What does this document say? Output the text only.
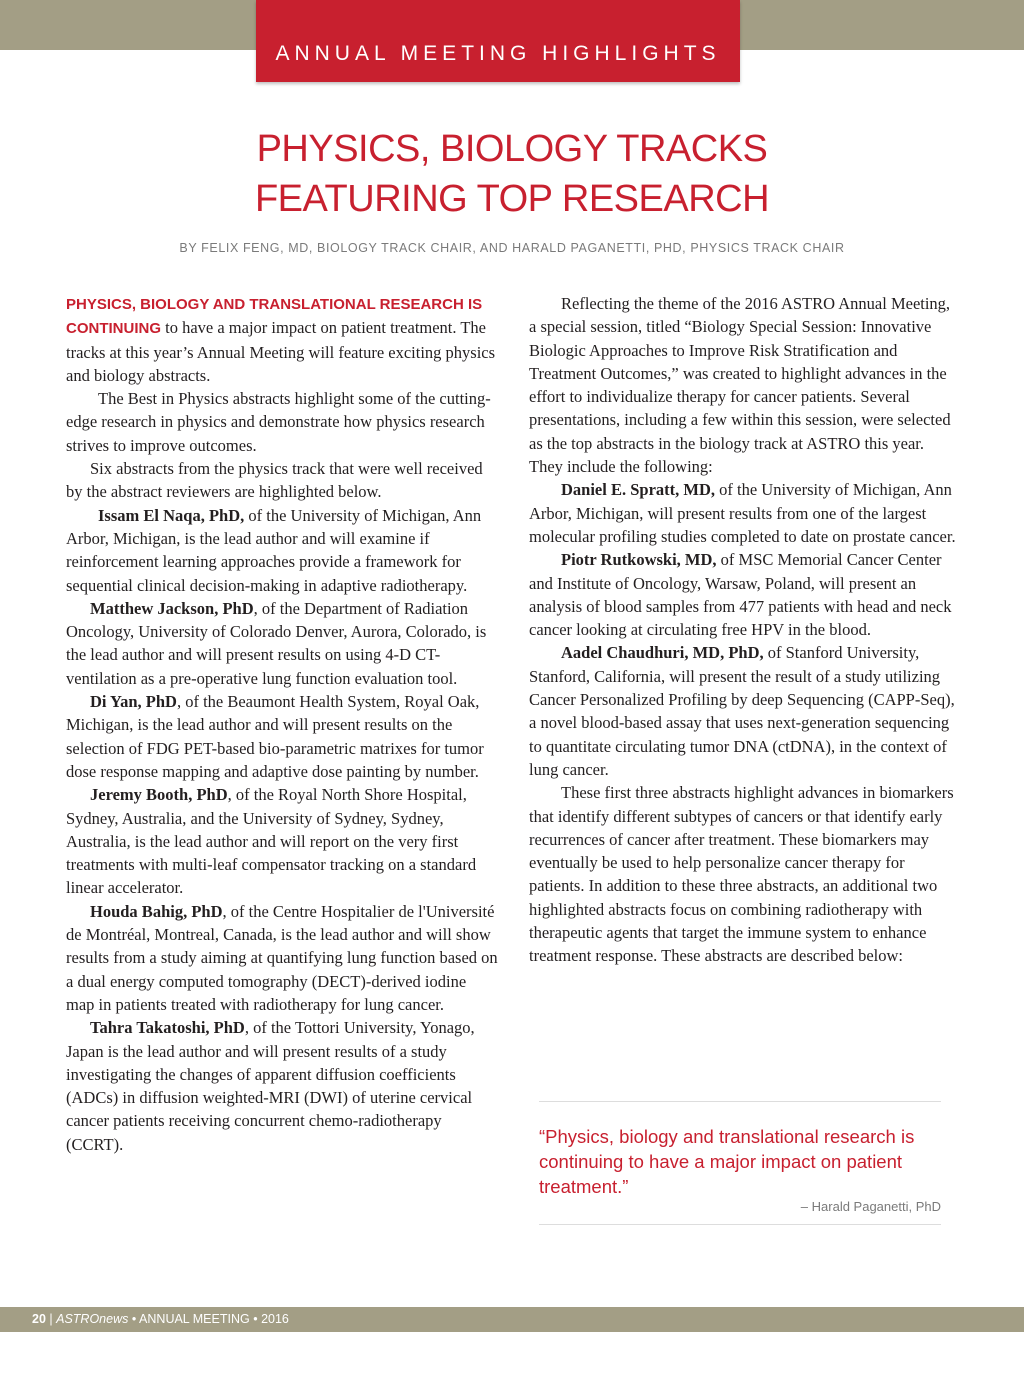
ANNUAL MEETING HIGHLIGHTS
PHYSICS, BIOLOGY TRACKS
FEATURING TOP RESEARCH
BY FELIX FENG, MD, BIOLOGY TRACK CHAIR, AND HARALD PAGANETTI, PHD, PHYSICS TRACK CHAIR

PHYSICS, BIOLOGY AND TRANSLATIONAL RESEARCH IS CONTINUING to have a major impact on patient treatment. The tracks at this year’s Annual Meeting will feature exciting physics and biology abstracts.

The Best in Physics abstracts highlight some of the cutting-edge research in physics and demonstrate how physics research strives to improve outcomes.

Six abstracts from the physics track that were well received by the abstract reviewers are highlighted below.

Issam El Naqa, PhD, of the University of Michigan, Ann Arbor, Michigan, is the lead author and will examine if reinforcement learning approaches provide a framework for sequential clinical decision-making in adaptive radiotherapy.

Matthew Jackson, PhD, of the Department of Radiation Oncology, University of Colorado Denver, Aurora, Colorado, is the lead author and will present results on using 4-D CT-ventilation as a pre-operative lung function evaluation tool.

Di Yan, PhD, of the Beaumont Health System, Royal Oak, Michigan, is the lead author and will present results on the selection of FDG PET-based bio-parametric matrixes for tumor dose response mapping and adaptive dose painting by number.

Jeremy Booth, PhD, of the Royal North Shore Hospital, Sydney, Australia, and the University of Sydney, Sydney, Australia, is the lead author and will report on the very first treatments with multi-leaf compensator tracking on a standard linear accelerator.

Houda Bahig, PhD, of the Centre Hospitalier de l'Université de Montréal, Montreal, Canada, is the lead author and will show results from a study aiming at quantifying lung function based on a dual energy computed tomography (DECT)-derived iodine map in patients treated with radiotherapy for lung cancer.

Tahra Takatoshi, PhD, of the Tottori University, Yonago, Japan is the lead author and will present results of a study investigating the changes of apparent diffusion coefficients (ADCs) in diffusion weighted-MRI (DWI) of uterine cervical cancer patients receiving concurrent chemo-radiotherapy (CCRT).

Reflecting the theme of the 2016 ASTRO Annual Meeting, a special session, titled “Biology Special Session: Innovative Biologic Approaches to Improve Risk Stratification and Treatment Outcomes,” was created to highlight advances in the effort to individualize therapy for cancer patients. Several presentations, including a few within this session, were selected as the top abstracts in the biology track at ASTRO this year. They include the following:

Daniel E. Spratt, MD, of the University of Michigan, Ann Arbor, Michigan, will present results from one of the largest molecular profiling studies completed to date on prostate cancer.

Piotr Rutkowski, MD, of MSC Memorial Cancer Center and Institute of Oncology, Warsaw, Poland, will present an analysis of blood samples from 477 patients with head and neck cancer looking at circulating free HPV in the blood.

Aadel Chaudhuri, MD, PhD, of Stanford University, Stanford, California, will present the result of a study utilizing Cancer Personalized Profiling by deep Sequencing (CAPP-Seq), a novel blood-based assay that uses next-generation sequencing to quantitate circulating tumor DNA (ctDNA), in the context of lung cancer.

These first three abstracts highlight advances in biomarkers that identify different subtypes of cancers or that identify early recurrences of cancer after treatment. These biomarkers may eventually be used to help personalize cancer therapy for patients. In addition to these three abstracts, an additional two highlighted abstracts focus on combining radiotherapy with therapeutic agents that target the immune system to enhance treatment response. These abstracts are described below:

“Physics, biology and translational research is continuing to have a major impact on patient treatment.”
– Harald Paganetti, PhD
20 | ASTROnews • ANNUAL MEETING • 2016
